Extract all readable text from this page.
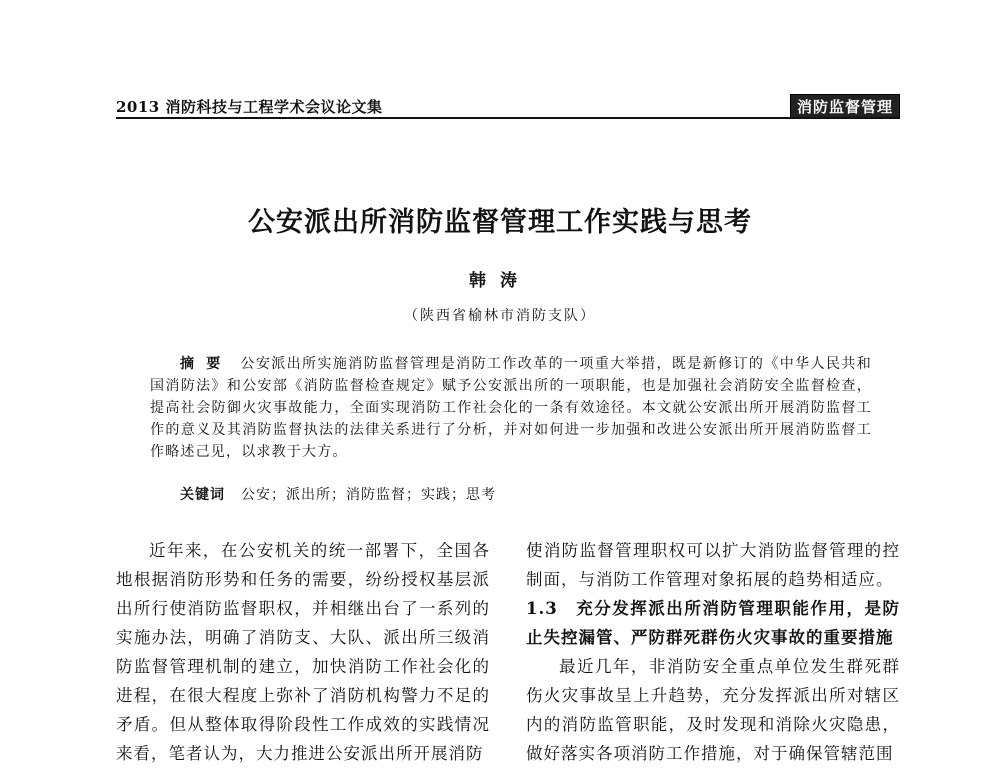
2013 消防科技与工程学术会议论文集	消防监督管理
公安派出所消防监督管理工作实践与思考
韩涛
（陕西省榆林市消防支队）
摘要 公安派出所实施消防监督管理是消防工作改革的一项重大举措，既是新修订的《中华人民共和国消防法》和公安部《消防监督检查规定》赋予公安派出所的一项职能，也是加强社会消防安全监督检查，提高社会防御火灾事故能力，全面实现消防工作社会化的一条有效途径。本文就公安派出所开展消防监督工作的意义及其消防监督执法的法律关系进行了分析，并对如何进一步加强和改进公安派出所开展消防监督工作略述己见，以求教于大方。
关键词 公安；派出所；消防监督；实践；思考

近年来，在公安机关的统一部署下，全国各地根据消防形势和任务的需要，纷纷授权基层派出所行使消防监督职权，并相继出台了一系列的实施办法，明确了消防支、大队、派出所三级消防监督管理机制的建立，加快消防工作社会化的进程，在很大程度上弥补了消防机构警力不足的矛盾。但从整体取得阶段性工作成效的实践情况来看，笔者认为，大力推进公安派出所开展消防

使消防监督管理职权可以扩大消防监督管理的控制面，与消防工作管理对象拓展的趋势相适应。

1.3　充分发挥派出所消防管理职能作用，是防止失控漏管、严防群死群伤火灾事故的重要措施

最近几年，非消防安全重点单位发生群死群伤火灾事故呈上升趋势，充分发挥派出所对辖区内的消防监管职能，及时发现和消除火灾隐患，做好落实各项消防工作措施，对于确保管辖范围
